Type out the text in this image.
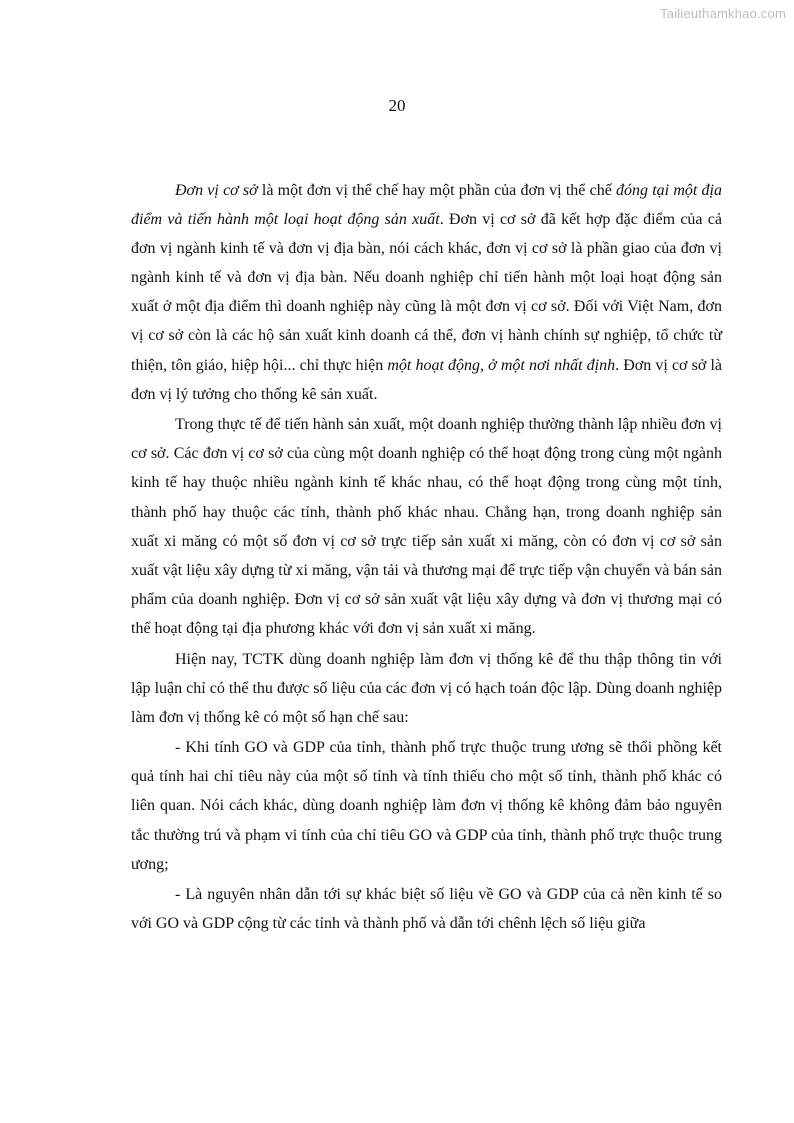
Tailieuthamkhao.com
20

Đơn vị cơ sở là một đơn vị thể chế hay một phần của đơn vị thể chế đóng tại một địa điểm và tiến hành một loại hoạt động sản xuất. Đơn vị cơ sở đã kết hợp đặc điểm của cả đơn vị ngành kinh tế và đơn vị địa bàn, nói cách khác, đơn vị cơ sở là phần giao của đơn vị ngành kinh tế và đơn vị địa bàn. Nếu doanh nghiệp chỉ tiến hành một loại hoạt động sản xuất ở một địa điểm thì doanh nghiệp này cũng là một đơn vị cơ sở. Đối với Việt Nam, đơn vị cơ sở còn là các hộ sản xuất kinh doanh cá thể, đơn vị hành chính sự nghiệp, tổ chức từ thiện, tôn giáo, hiệp hội... chỉ thực hiện một hoạt động, ở một nơi nhất định. Đơn vị cơ sở là đơn vị lý tưởng cho thống kê sản xuất.

Trong thực tế để tiến hành sản xuất, một doanh nghiệp thường thành lập nhiều đơn vị cơ sở. Các đơn vị cơ sở của cùng một doanh nghiệp có thể hoạt động trong cùng một ngành kinh tế hay thuộc nhiều ngành kinh tế khác nhau, có thể hoạt động trong cùng một tỉnh, thành phố hay thuộc các tỉnh, thành phố khác nhau. Chẳng hạn, trong doanh nghiệp sản xuất xi măng có một số đơn vị cơ sở trực tiếp sản xuất xi măng, còn có đơn vị cơ sở sản xuất vật liệu xây dựng từ xi măng, vận tải và thương mại để trực tiếp vận chuyển và bán sản phẩm của doanh nghiệp. Đơn vị cơ sở sản xuất vật liệu xây dựng và đơn vị thương mại có thể hoạt động tại địa phương khác với đơn vị sản xuất xi măng.

Hiện nay, TCTK dùng doanh nghiệp làm đơn vị thống kê để thu thập thông tin với lập luận chỉ có thể thu được số liệu của các đơn vị có hạch toán độc lập. Dùng doanh nghiệp làm đơn vị thống kê có một số hạn chế sau:

- Khi tính GO và GDP của tỉnh, thành phố trực thuộc trung ương sẽ thổi phồng kết quả tính hai chỉ tiêu này của một số tỉnh và tính thiếu cho một số tỉnh, thành phố khác có liên quan. Nói cách khác, dùng doanh nghiệp làm đơn vị thống kê không đảm bảo nguyên tắc thường trú và phạm vi tính của chỉ tiêu GO và GDP của tỉnh, thành phố trực thuộc trung ương;

- Là nguyên nhân dẫn tới sự khác biệt số liệu về GO và GDP của cả nền kinh tế so với GO và GDP cộng từ các tỉnh và thành phố và dẫn tới chênh lệch số liệu giữa
